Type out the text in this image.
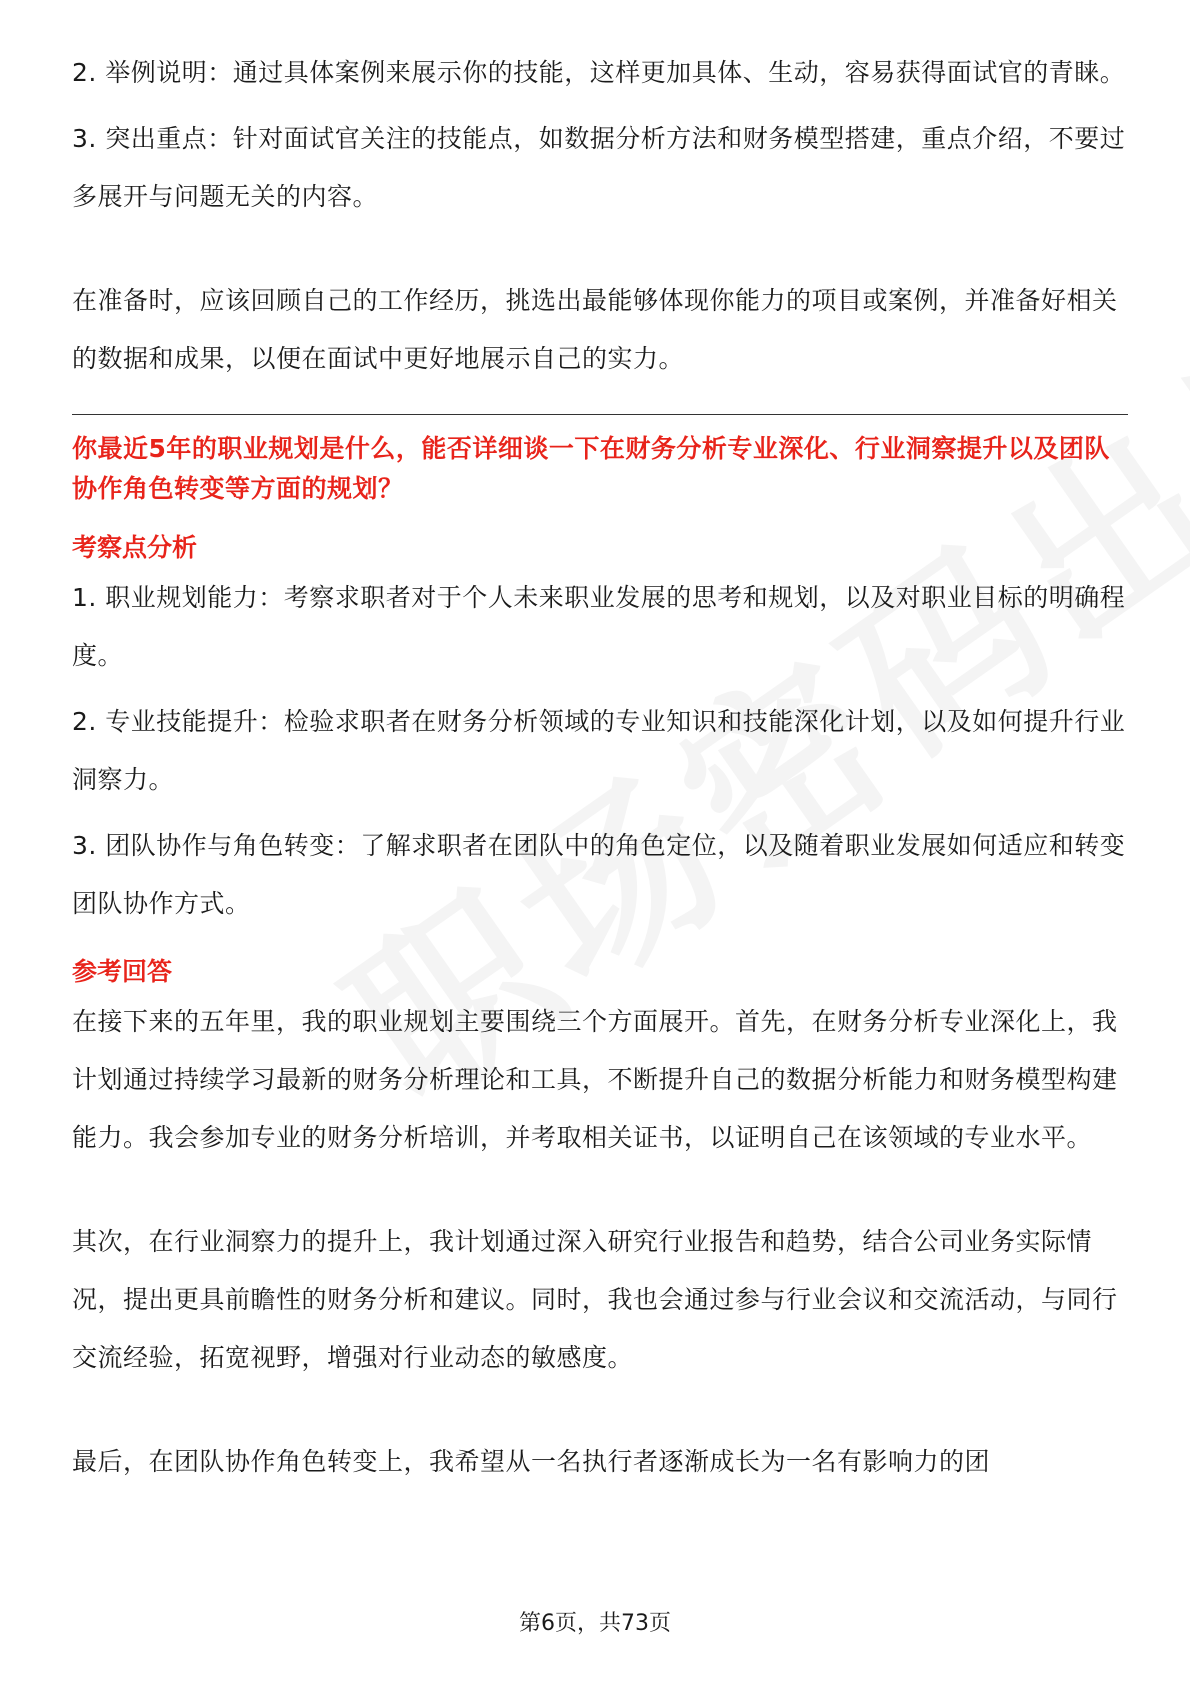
2. 举例说明：通过具体案例来展示你的技能，这样更加具体、生动，容易获得面试官的青睐。

3. 突出重点：针对面试官关注的技能点，如数据分析方法和财务模型搭建，重点介绍，不要过多展开与问题无关的内容。

在准备时，应该回顾自己的工作经历，挑选出最能够体现你能力的项目或案例，并准备好相关的数据和成果，以便在面试中更好地展示自己的实力。

你最近5年的职业规划是什么，能否详细谈一下在财务分析专业深化、行业洞察提升以及团队协作角色转变等方面的规划？

考察点分析

1. 职业规划能力：考察求职者对于个人未来职业发展的思考和规划，以及对职业目标的明确程度。

2. 专业技能提升：检验求职者在财务分析领域的专业知识和技能深化计划，以及如何提升行业洞察力。

3. 团队协作与角色转变：了解求职者在团队中的角色定位，以及随着职业发展如何适应和转变团队协作方式。

参考回答

在接下来的五年里，我的职业规划主要围绕三个方面展开。首先，在财务分析专业深化上，我计划通过持续学习最新的财务分析理论和工具，不断提升自己的数据分析能力和财务模型构建能力。我会参加专业的财务分析培训，并考取相关证书，以证明自己在该领域的专业水平。

其次，在行业洞察力的提升上，我计划通过深入研究行业报告和趋势，结合公司业务实际情况，提出更具前瞻性的财务分析和建议。同时，我也会通过参与行业会议和交流活动，与同行交流经验，拓宽视野，增强对行业动态的敏感度。

最后，在团队协作角色转变上，我希望从一名执行者逐渐成长为一名有影响力的团

第6页，共73页
